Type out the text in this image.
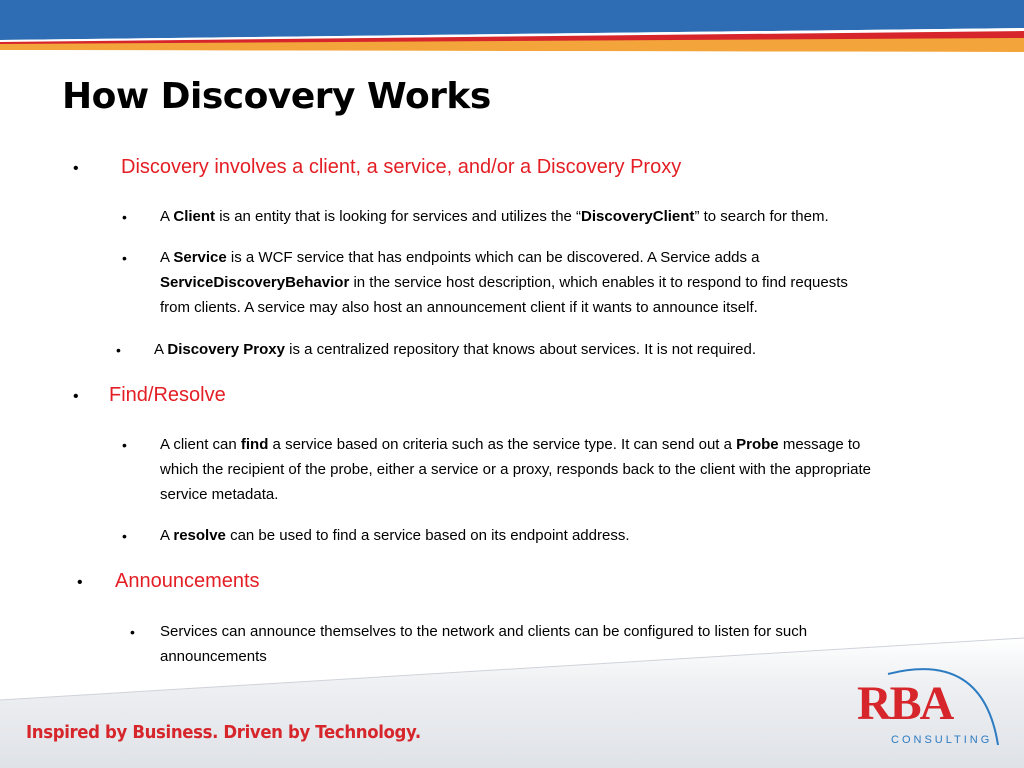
How Discovery Works
• Discovery involves a client, a service, and/or a Discovery Proxy
• A Client is an entity that is looking for services and utilizes the “DiscoveryClient” to search for them.
• A Service is a WCF service that has endpoints which can be discovered. A Service adds a
ServiceDiscoveryBehavior in the service host description, which enables it to respond to find requests
from clients. A service may also host an announcement client if it wants to announce itself.
• A Discovery Proxy is a centralized repository that knows about services. It is not required.
• Find/Resolve
• A client can find a service based on criteria such as the service type. It can send out a Probe message to
which the recipient of the probe, either a service or a proxy, responds back to the client with the appropriate
service metadata.
• A resolve can be used to find a service based on its endpoint address.
• Announcements
• Services can announce themselves to the network and clients can be configured to listen for such
announcements
Inspired by Business. Driven by Technology.
RBA
CONSULTING
